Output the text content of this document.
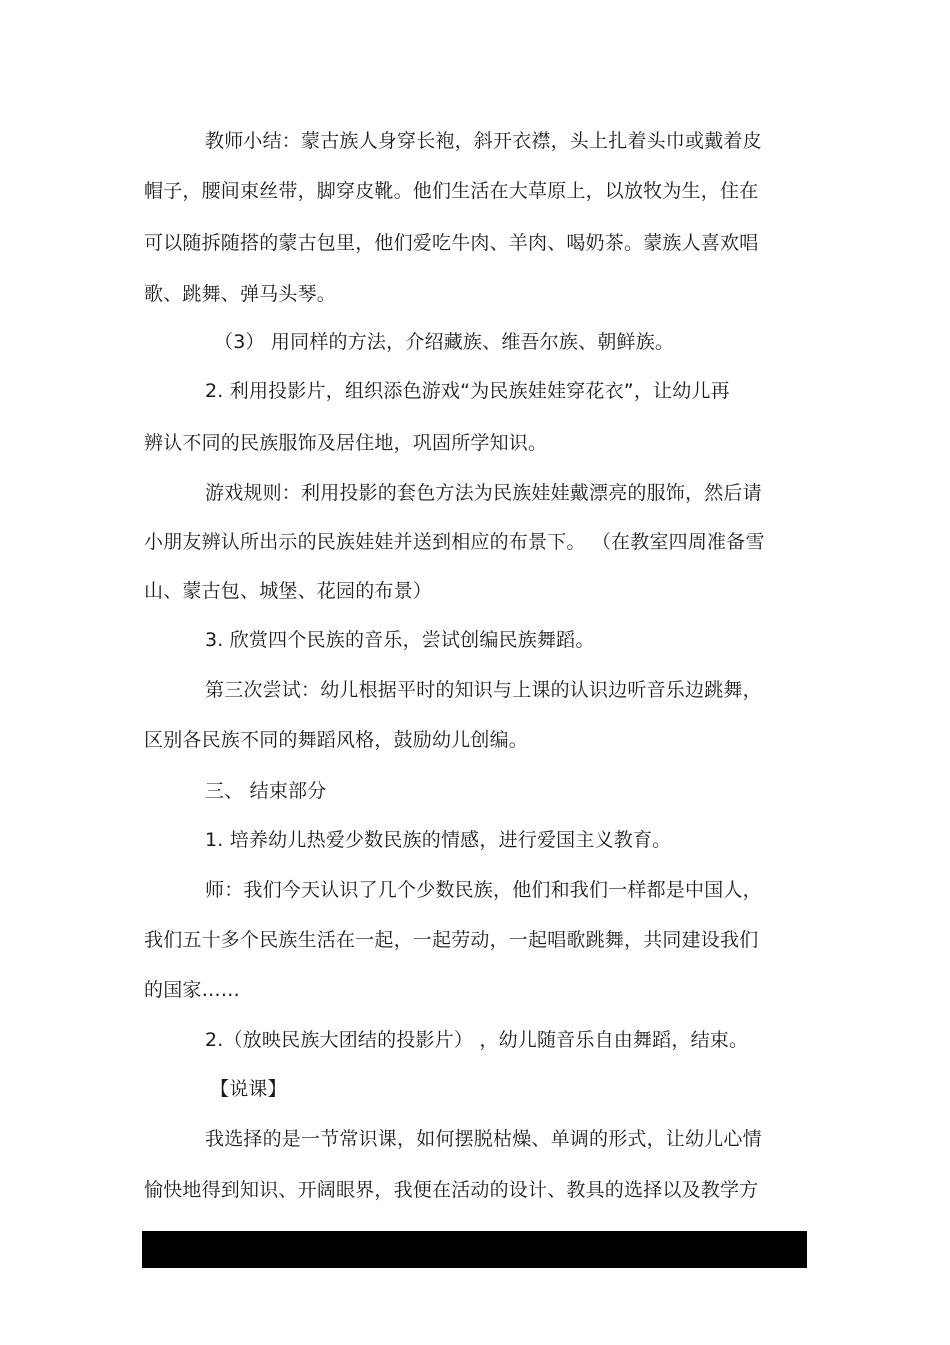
教师小结：蒙古族人身穿长袍，斜开衣襟，头上扎着头巾或戴着皮
帽子，腰间束丝带，脚穿皮靴。他们生活在大草原上，以放牧为生，住在
可以随拆随搭的蒙古包里，他们爱吃牛肉、羊肉、喝奶茶。蒙族人喜欢唱
歌、跳舞、弹马头琴。
（3） 用同样的方法，介绍藏族、维吾尔族、朝鲜族。
2. 利用投影片，组织添色游戏“为民族娃娃穿花衣”，让幼儿再
辨认不同的民族服饰及居住地，巩固所学知识。
游戏规则：利用投影的套色方法为民族娃娃戴漂亮的服饰，然后请
小朋友辨认所出示的民族娃娃并送到相应的布景下。 （在教室四周准备雪
山、蒙古包、城堡、花园的布景）
3. 欣赏四个民族的音乐，尝试创编民族舞蹈。
第三次尝试：幼儿根据平时的知识与上课的认识边听音乐边跳舞，
区别各民族不同的舞蹈风格，鼓励幼儿创编。
三、 结束部分
1. 培养幼儿热爱少数民族的情感，进行爱国主义教育。
师：我们今天认识了几个少数民族，他们和我们一样都是中国人，
我们五十多个民族生活在一起，一起劳动，一起唱歌跳舞，共同建设我们
的国家……
2.（放映民族大团结的投影片） ，幼儿随音乐自由舞蹈，结束。
【说课】
我选择的是一节常识课，如何摆脱枯燥、单调的形式，让幼儿心情
愉快地得到知识、开阔眼界，我便在活动的设计、教具的选择以及教学方
